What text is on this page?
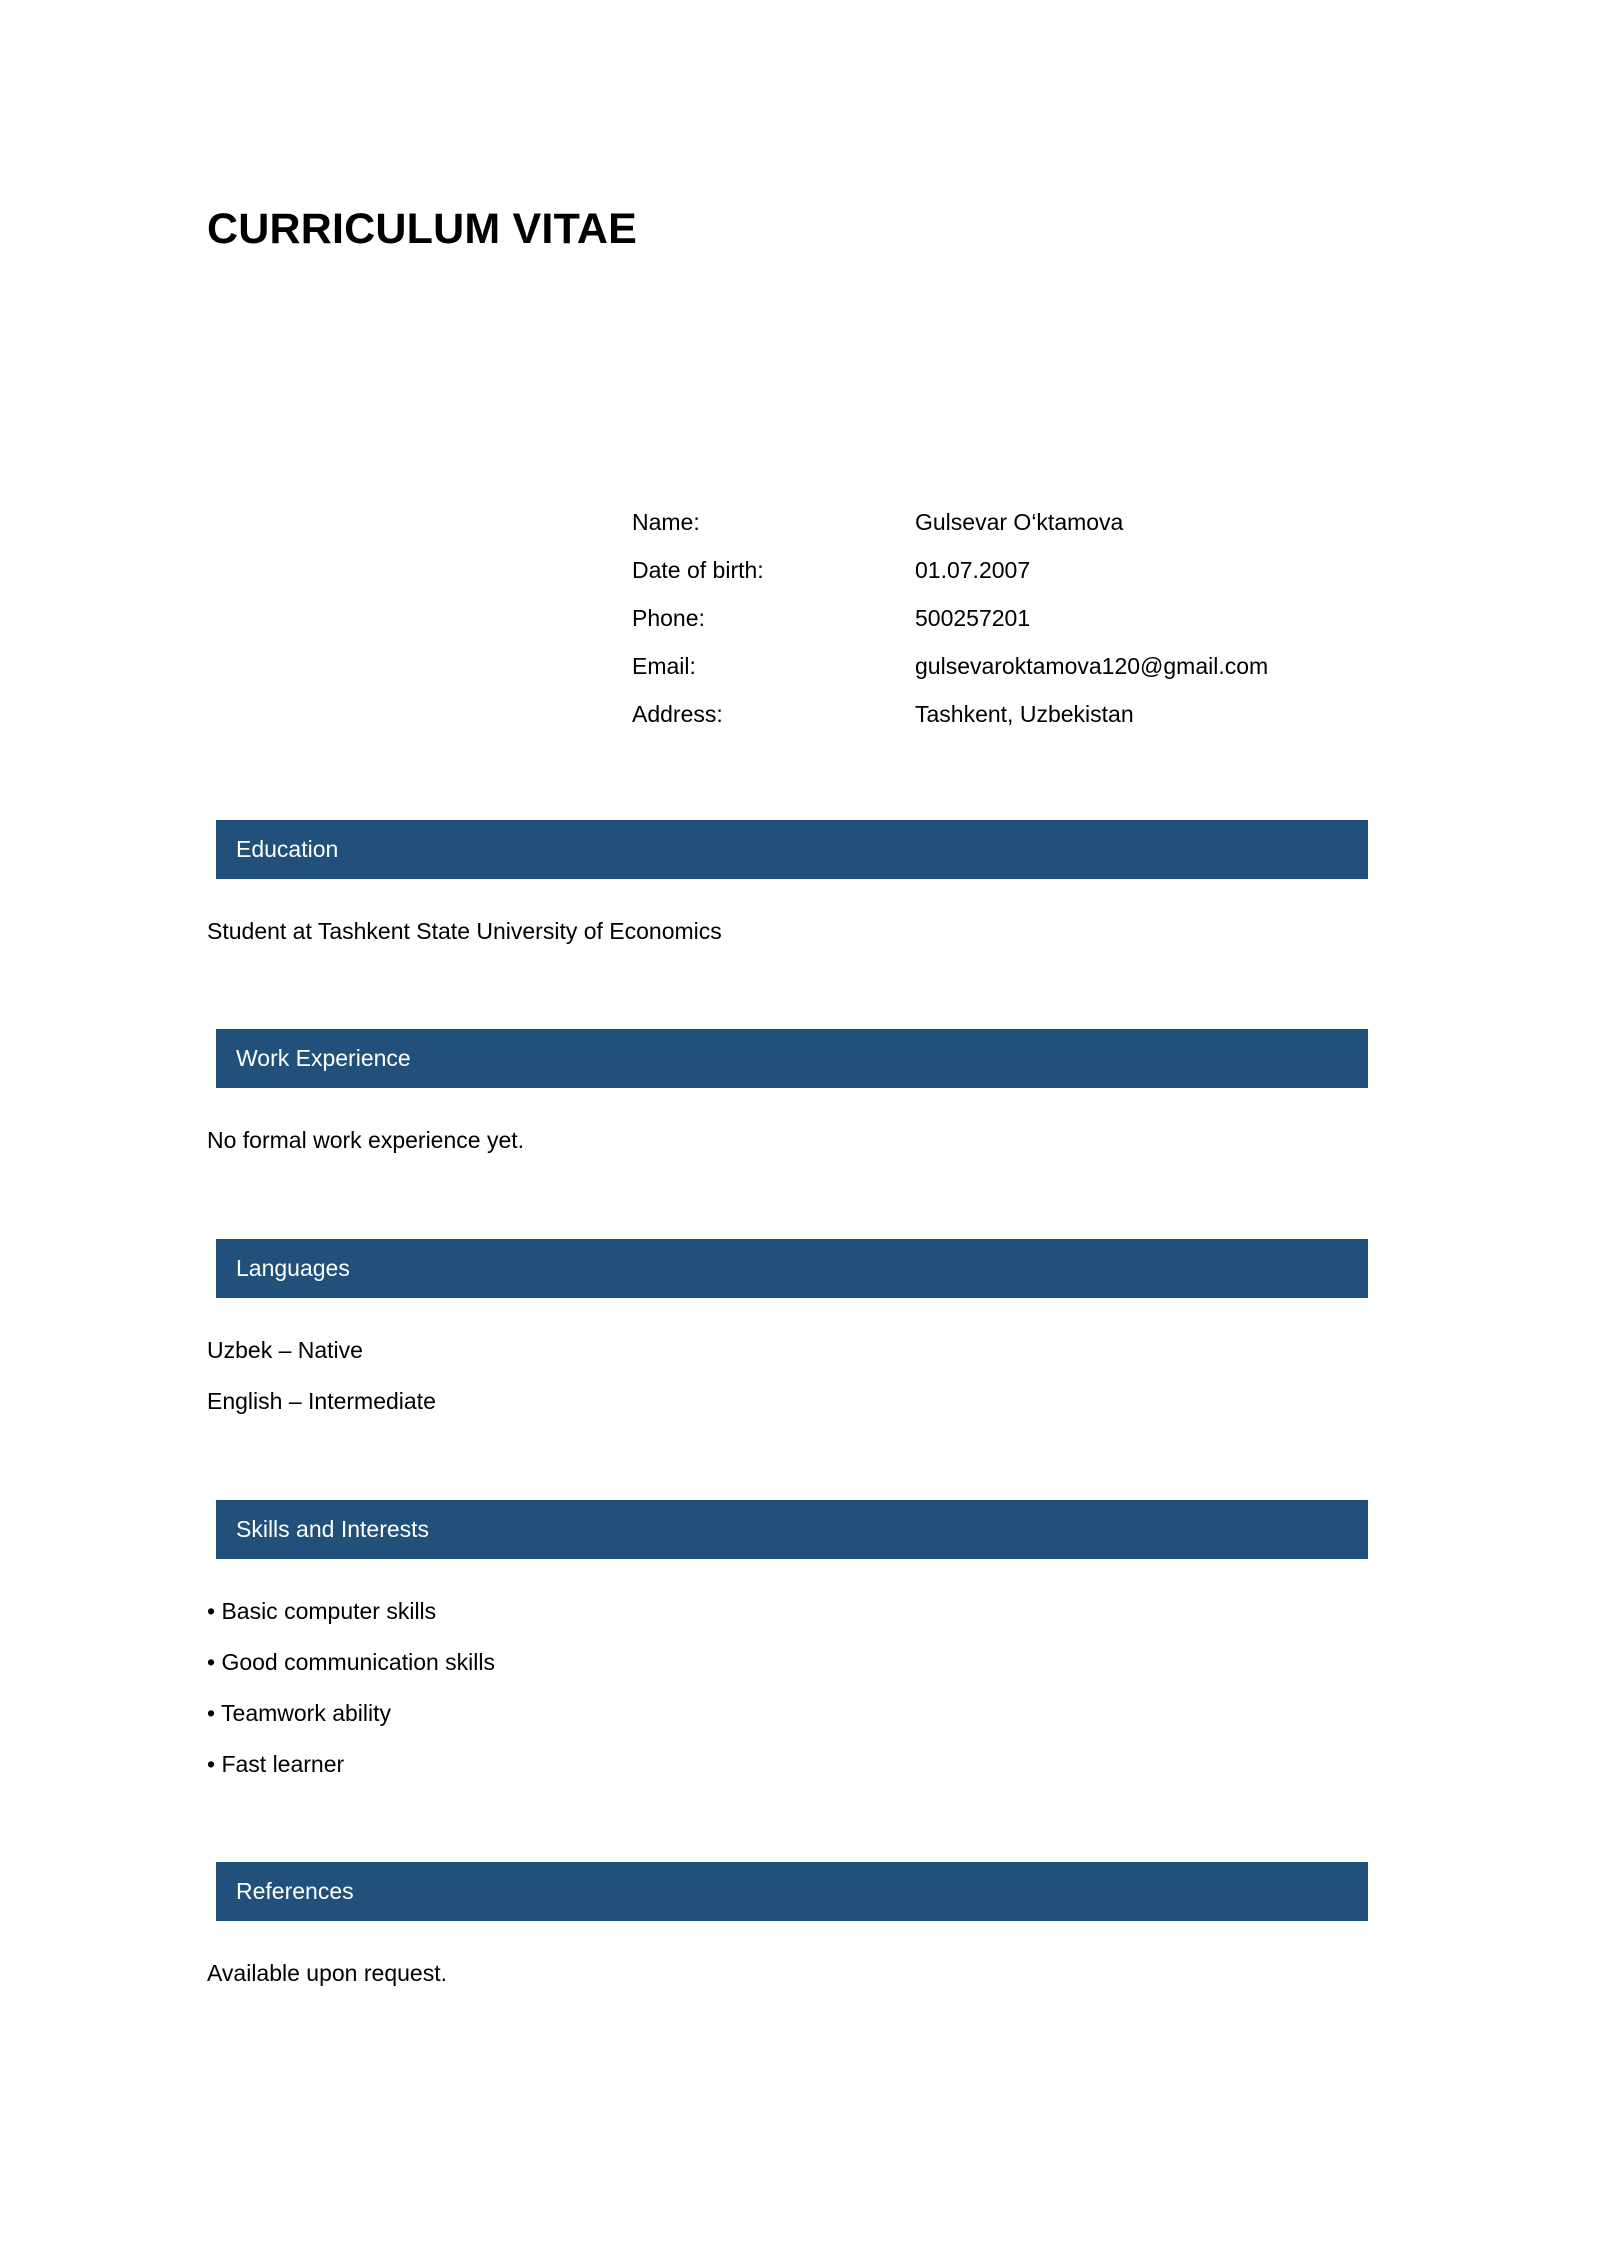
CURRICULUM VITAE
Name:	Gulsevar O‘ktamova
Date of birth:	01.07.2007
Phone:	500257201
Email:	gulsevaroktamova120@gmail.com
Address:	Tashkent, Uzbekistan
Education
Student at Tashkent State University of Economics
Work Experience
No formal work experience yet.
Languages
Uzbek – Native
English – Intermediate
Skills and Interests
• Basic computer skills
• Good communication skills
• Teamwork ability
• Fast learner
References
Available upon request.
